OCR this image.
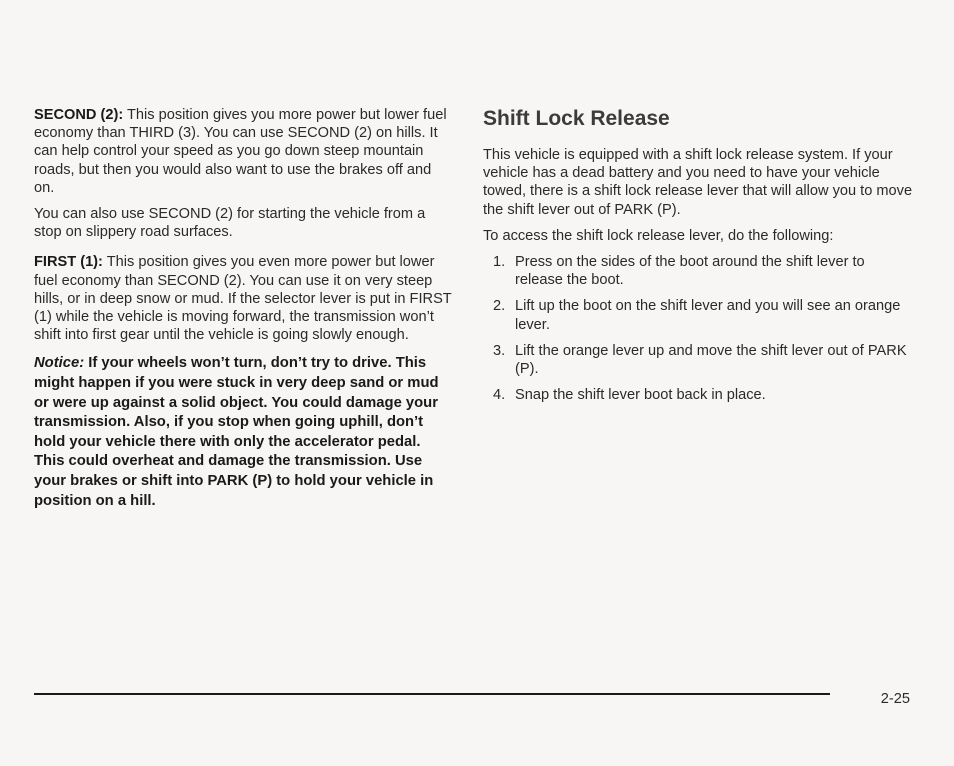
SECOND (2): This position gives you more power but lower fuel economy than THIRD (3). You can use SECOND (2) on hills. It can help control your speed as you go down steep mountain roads, but then you would also want to use the brakes off and on.

You can also use SECOND (2) for starting the vehicle from a stop on slippery road surfaces.

FIRST (1): This position gives you even more power but lower fuel economy than SECOND (2). You can use it on very steep hills, or in deep snow or mud. If the selector lever is put in FIRST (1) while the vehicle is moving forward, the transmission won’t shift into first gear until the vehicle is going slowly enough.

Notice: If your wheels won’t turn, don’t try to drive. This might happen if you were stuck in very deep sand or mud or were up against a solid object. You could damage your transmission. Also, if you stop when going uphill, don’t hold your vehicle there with only the accelerator pedal. This could overheat and damage the transmission. Use your brakes or shift into PARK (P) to hold your vehicle in position on a hill.

Shift Lock Release

This vehicle is equipped with a shift lock release system. If your vehicle has a dead battery and you need to have your vehicle towed, there is a shift lock release lever that will allow you to move the shift lever out of PARK (P).

To access the shift lock release lever, do the following:

1. Press on the sides of the boot around the shift lever to release the boot.
2. Lift up the boot on the shift lever and you will see an orange lever.
3. Lift the orange lever up and move the shift lever out of PARK (P).
4. Snap the shift lever boot back in place.
2-25
